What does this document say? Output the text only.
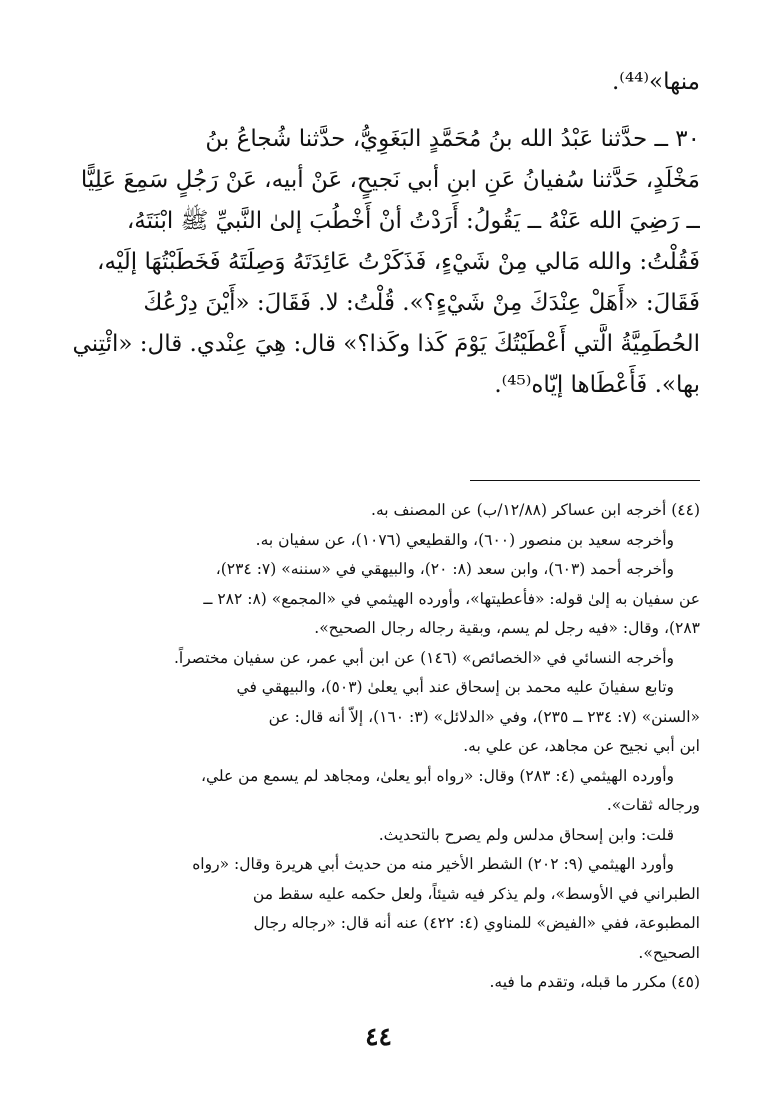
منها»⁽⁴⁴⁾.

٣٠ ــ حدَّثنا عَبْدُ الله بنُ مُحَمَّدٍ البَغَوِيُّ، حدَّثنا شُجاعُ بنُ

مَخْلَدٍ، حَدَّثنا سُفيانُ عَنِ ابنِ أبي نَجيحٍ، عَنْ أبيه، عَنْ رَجُلٍ سَمِعَ عَلِيًّا

ــ رَضِيَ الله عَنْهُ ــ يَقُولُ: أَرَدْتُ أنْ أَخْطُبَ إلىٰ النَّبيِّ ﷺ ابْنَتَهُ،

فَقُلْتُ: والله مَالي مِنْ شَيْءٍ، فَذَكَرْتُ عَائِدَتَهُ وَصِلَتَهُ فَخَطَبْتُهَا إلَيْه،

فَقَالَ: «أَهَلْ عِنْدَكَ مِنْ شَيْءٍ؟». قُلْتُ: لا. فَقَالَ: «أَيْنَ دِرْعُكَ

الحُطَمِيَّةُ الَّتي أَعْطَيْتُكَ يَوْمَ كَذا وكَذا؟» قال: هِيَ عِنْدي. قال: «ائْتِني

بها». فَأَعْطَاها إيّاه⁽⁴⁵⁾.

(٤٤) أخرجه ابن عساكر (١٢/٨٨/ب) عن المصنف به.

وأخرجه سعيد بن منصور (٦٠٠)، والقطيعي (١٠٧٦)، عن سفيان به.

وأخرجه أحمد (٦٠٣)، وابن سعد (٨: ٢٠)، والبيهقي في «سننه» (٧: ٢٣٤)،

عن سفيان به إلىٰ قوله: «فأعطيتها»، وأورده الهيثمي في «المجمع» (٨: ٢٨٢ ــ

٢٨٣)، وقال: «فيه رجل لم يسم، وبقية رجاله رجال الصحيح».

وأخرجه النسائي في «الخصائص» (١٤٦) عن ابن أبي عمر، عن سفيان مختصراً.

وتابع سفيانَ عليه محمد بن إسحاق عند أبي يعلىٰ (٥٠٣)، والبيهقي في

«السنن» (٧: ٢٣٤ ــ ٢٣٥)، وفي «الدلائل» (٣: ١٦٠)، إلاّ أنه قال: عن

ابن أبي نجيح عن مجاهد، عن علي به.

وأورده الهيثمي (٤: ٢٨٣) وقال: «رواه أبو يعلىٰ، ومجاهد لم يسمع من علي،

ورجاله ثقات».

قلت: وابن إسحاق مدلس ولم يصرح بالتحديث.

وأورد الهيثمي (٩: ٢٠٢) الشطر الأخير منه من حديث أبي هريرة وقال: «رواه

الطبراني في الأوسط»، ولم يذكر فيه شيئاً، ولعل حكمه عليه سقط من

المطبوعة، ففي «الفيض» للمناوي (٤: ٤٢٢) عنه أنه قال: «رجاله رجال

الصحيح».

(٤٥) مكرر ما قبله، وتقدم ما فيه.

٤٤
